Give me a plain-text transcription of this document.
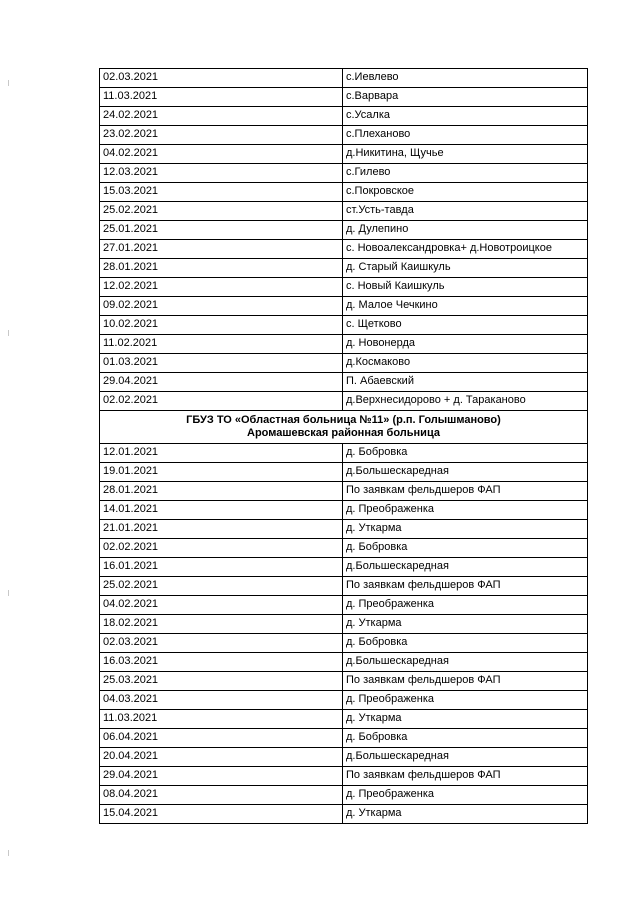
02.03.2021	с.Иевлево
11.03.2021	с.Варвара
24.02.2021	с.Усалка
23.02.2021	с.Плеханово
04.02.2021	д.Никитина, Щучье
12.03.2021	с.Гилево
15.03.2021	с.Покровское
25.02.2021	ст.Усть-тавда
25.01.2021	д. Дулепино
27.01.2021	с. Новоалександровка+ д.Новотроицкое
28.01.2021	д. Старый Каишкуль
12.02.2021	с. Новый Каишкуль
09.02.2021	д. Малое Чечкино
10.02.2021	с. Щетково
11.02.2021	д. Новонерда
01.03.2021	д.Космаково
29.04.2021	П. Абаевский
02.02.2021	д.Верхнесидорово + д. Тараканово

ГБУЗ ТО «Областная больница №11» (р.п. Голышманово)
Аромашевская районная больница	

12.01.2021	д. Бобровка
19.01.2021	д.Большескаредная
28.01.2021	По заявкам фельдшеров ФАП
14.01.2021	д. Преображенка
21.01.2021	д. Уткарма
02.02.2021	д. Бобровка
16.01.2021	д.Большескаредная
25.02.2021	По заявкам фельдшеров ФАП
04.02.2021	д. Преображенка
18.02.2021	д. Уткарма
02.03.2021	д. Бобровка
16.03.2021	д.Большескаредная
25.03.2021	По заявкам фельдшеров ФАП
04.03.2021	д. Преображенка
11.03.2021	д. Уткарма
06.04.2021	д. Бобровка
20.04.2021	д.Большескаредная
29.04.2021	По заявкам фельдшеров ФАП
08.04.2021	д. Преображенка
15.04.2021	д. Уткарма
